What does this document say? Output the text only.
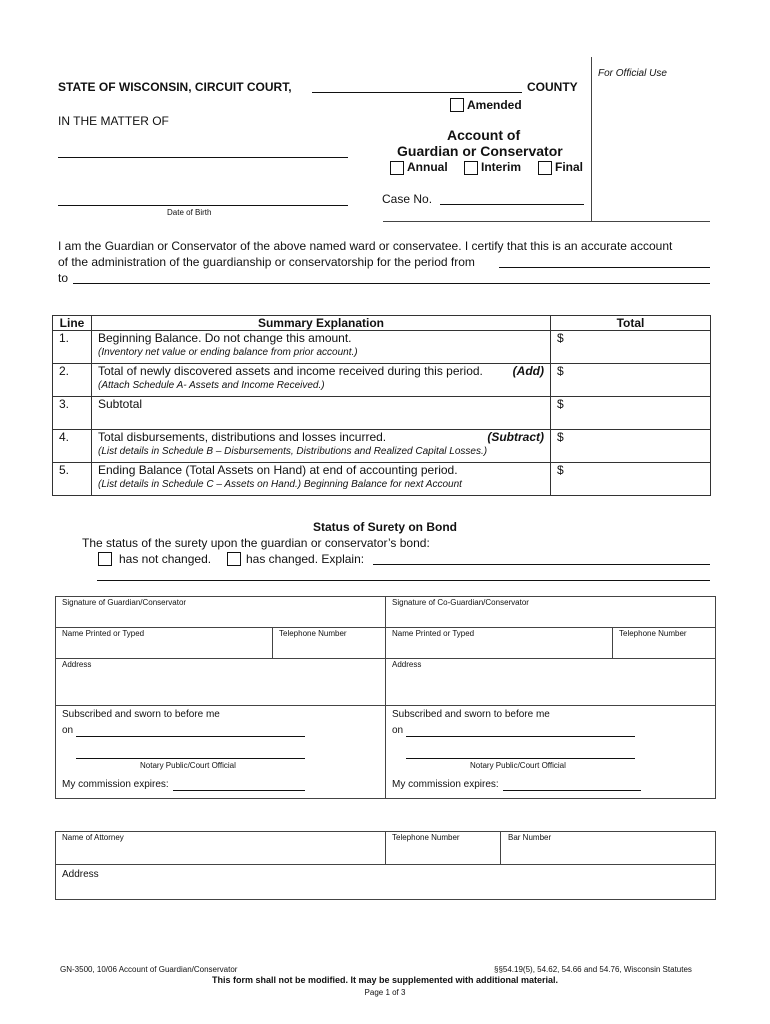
For Official Use
STATE OF WISCONSIN, CIRCUIT COURT,	COUNTY
IN THE MATTER OF
Date of Birth
Amended
Account of
Guardian or Conservator
Annual	Interim	Final
Case No.
I am the Guardian or Conservator of the above named ward or conservatee. I certify that this is an accurate account
of the administration of the guardianship or conservatorship for the period from
to
Line	Summary Explanation	Total
1.	Beginning Balance. Do not change this amount.
(Inventory net value or ending balance from prior account.)	$
2.	Total of newly discovered assets and income received during this period. (Add)
(Attach Schedule A- Assets and Income Received.)	$
3.	Subtotal	$
4.	Total disbursements, distributions and losses incurred. (Subtract)
(List details in Schedule B – Disbursements, Distributions and Realized Capital Losses.)	$
5.	Ending Balance (Total Assets on Hand) at end of accounting period.
(List details in Schedule C – Assets on Hand.) Beginning Balance for next Account	$
Status of Surety on Bond
The status of the surety upon the guardian or conservator’s bond:
has not changed.	has changed. Explain:
Signature of Guardian/Conservator	Signature of Co-Guardian/Conservator
Name Printed or Typed	Telephone Number	Name Printed or Typed	Telephone Number
Address	Address
Subscribed and sworn to before me
on
Notary Public/Court Official
My commission expires:
Subscribed and sworn to before me
on
Notary Public/Court Official
My commission expires:
Name of Attorney	Telephone Number	Bar Number
Address
GN-3500, 10/06 Account of Guardian/Conservator	§§54.19(5), 54.62, 54.66 and 54.76, Wisconsin Statutes
This form shall not be modified. It may be supplemented with additional material.
Page 1 of 3
